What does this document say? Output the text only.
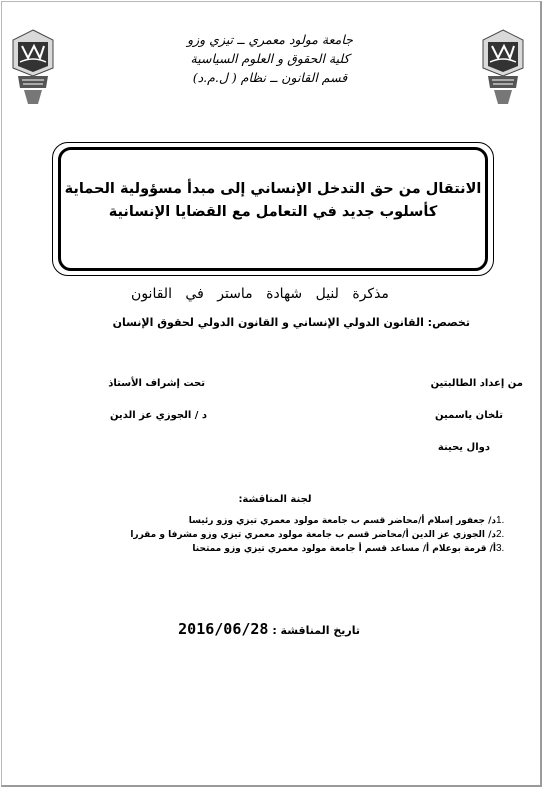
جامعة مولود معمري ــ تيزي وزو
كلية الحقوق و العلوم السياسية
قسم القانون ــ نظام ( ل.م.د)
الانتقال من حق التدخل الإنساني إلى مبدأ مسؤولية الحماية
كأسلوب جديد في التعامل مع القضايا الإنسانية
مذكرة لنيل شهادة ماستر في القانون
تخصص: القانون الدولي الإنساني و القانون الدولي لحقوق الإنسان
من إعداد الطالبتين
تحت إشراف الأستاذ
تلخان ياسمين
د / الجوزي عز الدين
دوال يحينة
لجنة المناقشة:
1.
د/ جعفور إسلام أ/محاضر قسم ب جامعة مولود معمري تيزي وزو رئيسا
2.
د/ الجوزي عز الدين أ/محاضر قسم ب جامعة مولود معمري تيزي وزو مشرفا و مقررا
3.
أ/ قرمة بوعلام أ/ مساعد قسم أ جامعة مولود معمري تيزي وزو ممتحنا
تاريخ المناقشة : 2016/06/28
